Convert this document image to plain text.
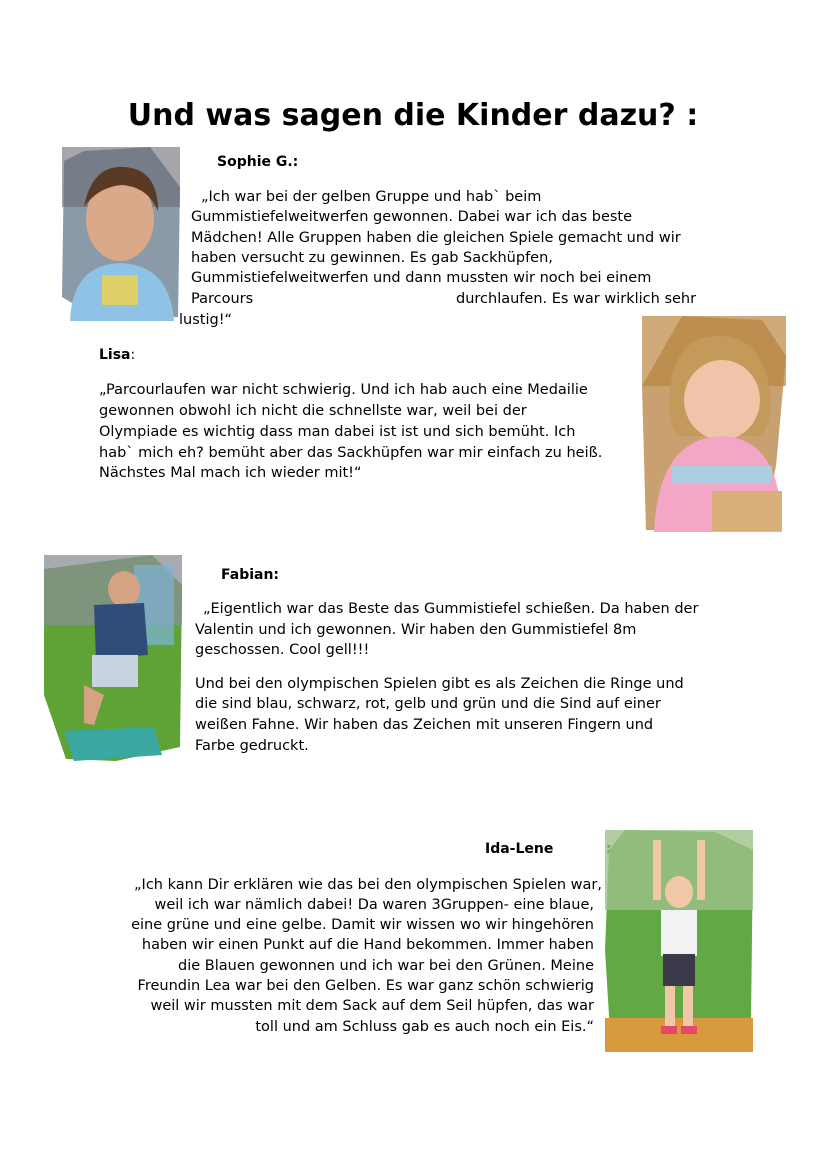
Und was sagen die Kinder dazu? :

Sophie G.:

„Ich war bei der gelben Gruppe und hab` beim

Gummistiefelweitwerfen gewonnen. Dabei war ich das beste

Mädchen! Alle Gruppen haben die gleichen Spiele gemacht und wir

haben versucht zu gewinnen. Es gab Sackhüpfen,

Gummistiefelweitwerfen und dann mussten wir noch bei einem

Parcours	durchlaufen. Es war wirklich sehr

lustig!“

Lisa:

„Parcourlaufen war nicht schwierig. Und ich hab auch eine Medailie

gewonnen obwohl ich nicht die schnellste war, weil bei der

Olympiade es wichtig dass man dabei ist ist und sich bemüht. Ich

hab` mich eh? bemüht aber das Sackhüpfen war mir einfach zu heiß.

Nächstes Mal mach ich wieder mit!“

Fabian:

„Eigentlich war das Beste das Gummistiefel schießen. Da haben der

Valentin und ich gewonnen. Wir haben den Gummistiefel 8m

geschossen. Cool gell!!!

Und bei den olympischen Spielen gibt es als Zeichen die Ringe und

die sind blau, schwarz, rot, gelb und grün und die Sind auf einer

weißen Fahne. Wir haben das Zeichen mit unseren Fingern und

Farbe gedruckt.

Ida-Lene

„Ich kann Dir erklären wie das bei den olympischen Spielen war,

weil ich war nämlich dabei! Da waren 3Gruppen- eine blaue,

eine grüne und eine gelbe. Damit wir wissen wo wir hingehören

haben wir einen Punkt auf die Hand bekommen. Immer haben

die Blauen gewonnen und ich war bei den Grünen. Meine

Freundin Lea war bei den Gelben. Es war ganz schön schwierig

weil wir mussten mit dem Sack auf dem Seil hüpfen, das war

toll und am Schluss gab es auch noch ein Eis.“
